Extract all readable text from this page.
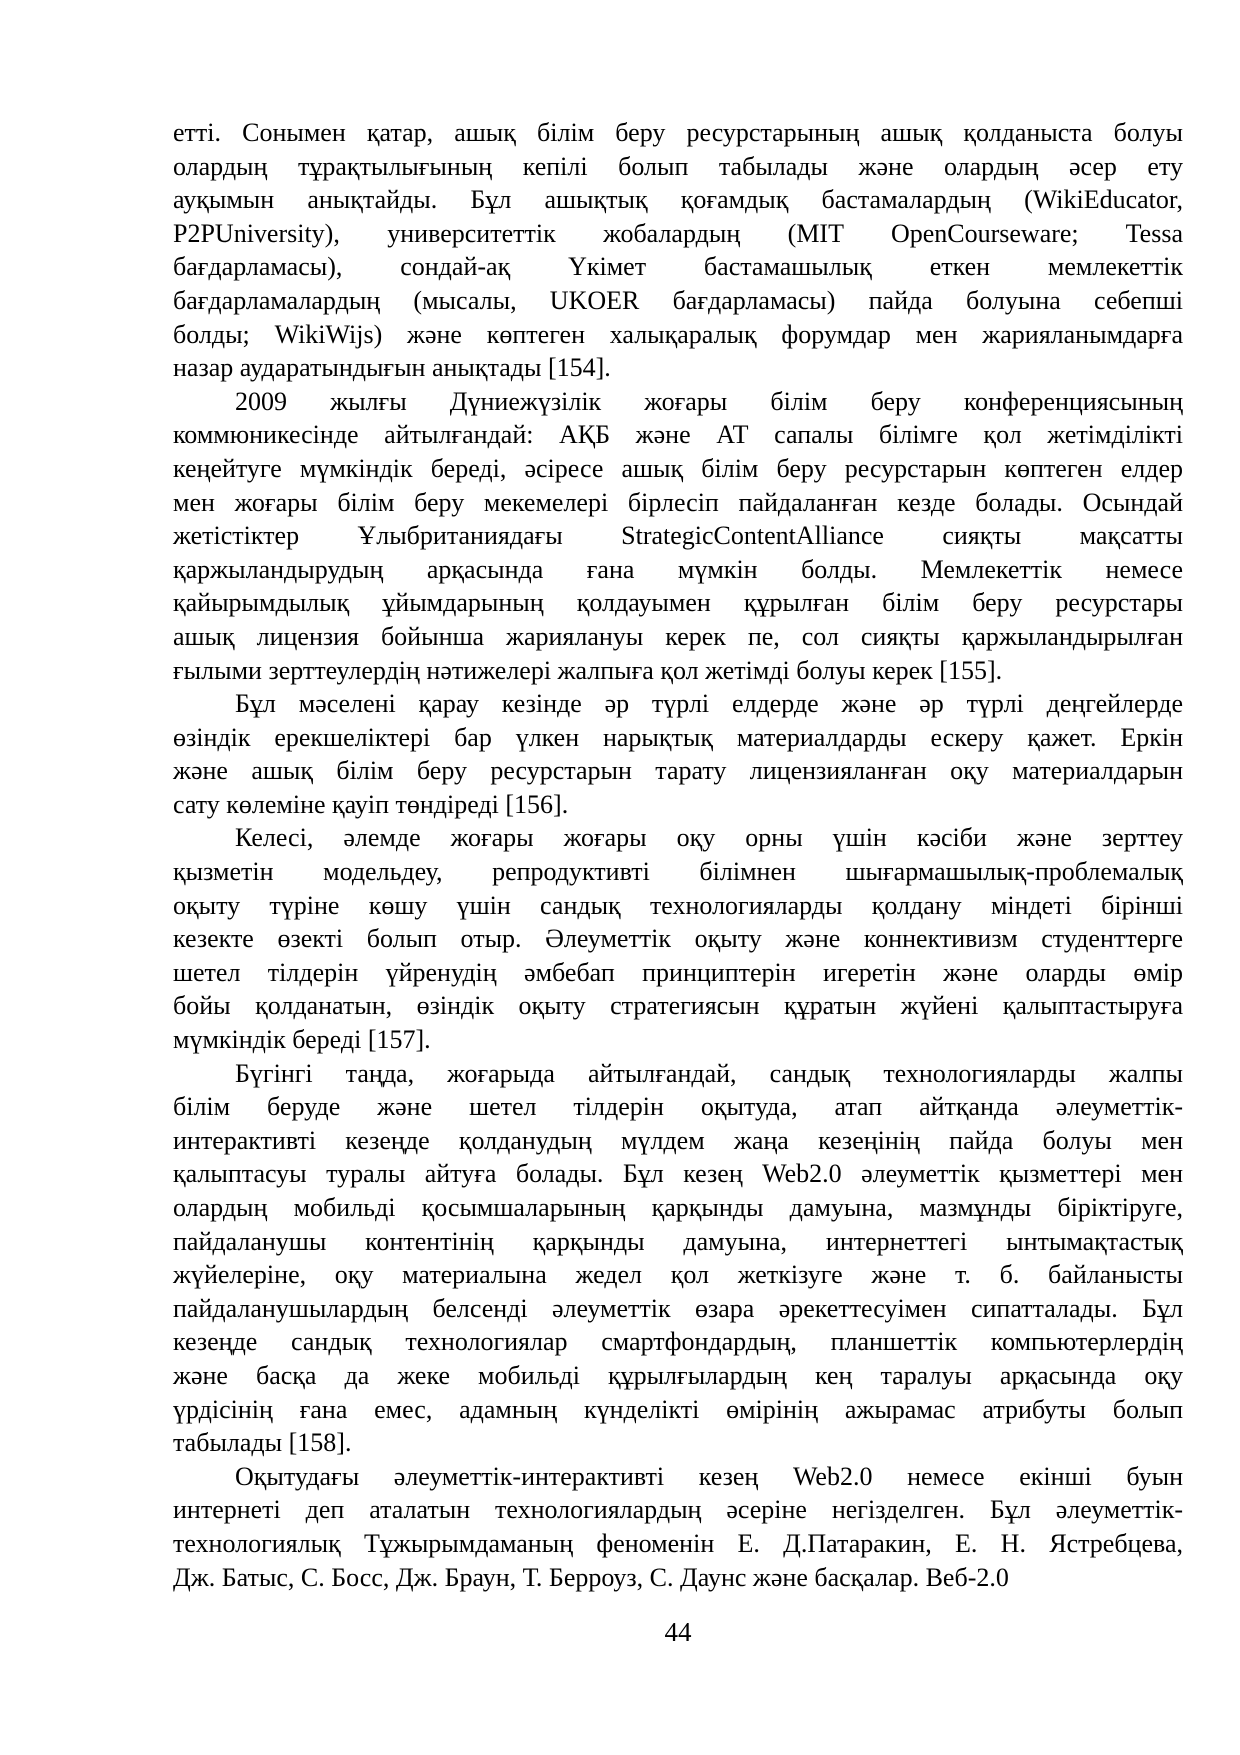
етті. Сонымен қатар, ашық білім беру ресурстарының ашық қолданыста болуы
олардың тұрақтылығының кепілі болып табылады және олардың әсер ету
ауқымын анықтайды. Бұл ашықтық қоғамдық бастамалардың (WikiEducator,
P2PUniversity), университеттік жобалардың (MIT OpenCourseware; Tessa
бағдарламасы), сондай-ақ Үкімет бастамашылық еткен мемлекеттік
бағдарламалардың (мысалы, UKOER бағдарламасы) пайда болуына себепші
болды; WikiWijs) және көптеген халықаралық форумдар мен жарияланымдарға
назар аударатындығын анықтады [154].
2009 жылғы Дүниежүзілік жоғары білім беру конференциясының
коммюникесінде айтылғандай: АҚБ және АТ сапалы білімге қол жетімділікті
кеңейтуге мүмкіндік береді, әсіресе ашық білім беру ресурстарын көптеген елдер
мен жоғары білім беру мекемелері бірлесіп пайдаланған кезде болады. Осындай
жетістіктер Ұлыбританиядағы StrategicContentAlliance сияқты мақсатты
қаржыландырудың арқасында ғана мүмкін болды. Мемлекеттік немесе
қайырымдылық ұйымдарының қолдауымен құрылған білім беру ресурстары
ашық лицензия бойынша жариялануы керек пе, сол сияқты қаржыландырылған
ғылыми зерттеулердің нәтижелері жалпыға қол жетімді болуы керек [155].
Бұл мәселені қарау кезінде әр түрлі елдерде және әр түрлі деңгейлерде
өзіндік ерекшеліктері бар үлкен нарықтық материалдарды ескеру қажет. Еркін
және ашық білім беру ресурстарын тарату лицензияланған оқу материалдарын
сату көлеміне қауіп төндіреді [156].
Келесі, әлемде жоғары жоғары оқу орны үшін кәсіби және зерттеу
қызметін модельдеу, репродуктивті білімнен шығармашылық-проблемалық
оқыту түріне көшу үшін сандық технологияларды қолдану міндеті бірінші
кезекте өзекті болып отыр. Әлеуметтік оқыту және коннективизм студенттерге
шетел тілдерін үйренудің әмбебап принциптерін игеретін және оларды өмір
бойы қолданатын, өзіндік оқыту стратегиясын құратын жүйені қалыптастыруға
мүмкіндік береді [157].
Бүгінгі таңда, жоғарыда айтылғандай, сандық технологияларды жалпы
білім беруде және шетел тілдерін оқытуда, атап айтқанда әлеуметтік-
интерактивті кезеңде қолданудың мүлдем жаңа кезеңінің пайда болуы мен
қалыптасуы туралы айтуға болады. Бұл кезең Web2.0 әлеуметтік қызметтері мен
олардың мобильді қосымшаларының қарқынды дамуына, мазмұнды біріктіруге,
пайдаланушы контентінің қарқынды дамуына, интернеттегі ынтымақтастық
жүйелеріне, оқу материалына жедел қол жеткізуге және т. б. байланысты
пайдаланушылардың белсенді әлеуметтік өзара әрекеттесуімен сипатталады. Бұл
кезеңде сандық технологиялар смартфондардың, планшеттік компьютерлердің
және басқа да жеке мобильді құрылғылардың кең таралуы арқасында оқу
үрдісінің ғана емес, адамның күнделікті өмірінің ажырамас атрибуты болып
табылады [158].
Оқытудағы әлеуметтік-интерактивті кезең Web2.0 немесе екінші буын
интернеті деп аталатын технологиялардың әсеріне негізделген. Бұл әлеуметтік-
технологиялық Тұжырымдаманың феноменін Е. Д.Патаракин, Е. Н. Ястребцева,
Дж. Батыс, С. Босс, Дж. Браун, Т. Берроуз, С. Даунс және басқалар. Веб-2.0
44
